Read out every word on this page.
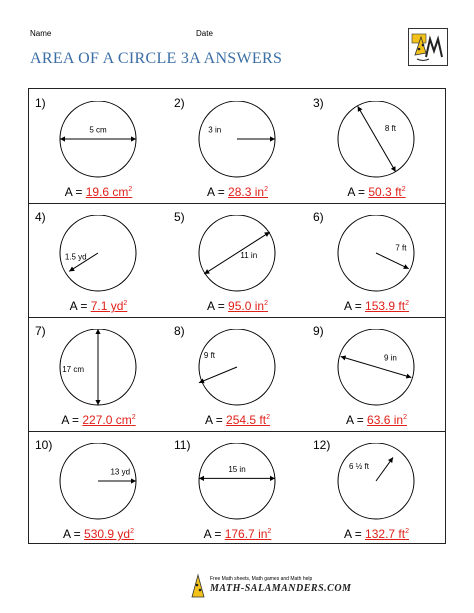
Name	Date
AREA OF A CIRCLE 3A ANSWERS
1)
5 cm
A = 19.6 $cm^2$
2)
3 in
A = 28.3 $in^2$
3)
8 ft
A = 50.3 $ft^2$
4)
1.5 yd
A = 7.1 $yd^2$
5)
11 in
A = 95.0 $in^2$
6)
7 ft
A = 153.9 $ft^2$
7)
17 cm
A = 227.0 $cm^2$
8)
9 ft
A = 254.5 $ft^2$
9)
9 in
A = 63.6 $in^2$
10)
13 yd
A = 530.9 $yd^2$
11)
15 in
A = 176.7 $in^2$
12)
6 ½ ft
A = 132.7 $ft^2$
Free Math sheets, Math games and Math help
MATH-SALAMANDERS.COM
